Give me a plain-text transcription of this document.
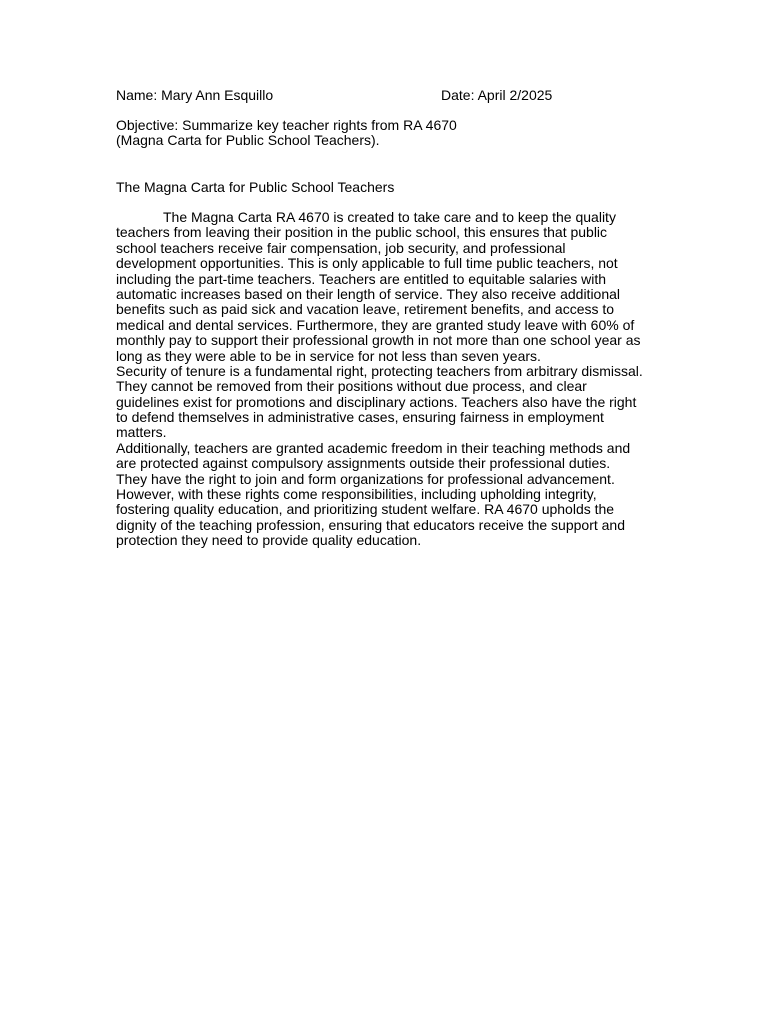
Name: Mary Ann Esquillo	Date: April 2/2025
Objective: Summarize key teacher rights from RA 4670
(Magna Carta for Public School Teachers).
The Magna Carta for Public School Teachers
The Magna Carta RA 4670 is created to take care and to keep the quality
teachers from leaving their position in the public school, this ensures that public
school teachers receive fair compensation, job security, and professional
development opportunities. This is only applicable to full time public teachers, not
including the part-time teachers. Teachers are entitled to equitable salaries with
automatic increases based on their length of service. They also receive additional
benefits such as paid sick and vacation leave, retirement benefits, and access to
medical and dental services. Furthermore, they are granted study leave with 60% of
monthly pay to support their professional growth in not more than one school year as
long as they were able to be in service for not less than seven years.
Security of tenure is a fundamental right, protecting teachers from arbitrary dismissal.
They cannot be removed from their positions without due process, and clear
guidelines exist for promotions and disciplinary actions. Teachers also have the right
to defend themselves in administrative cases, ensuring fairness in employment
matters.
Additionally, teachers are granted academic freedom in their teaching methods and
are protected against compulsory assignments outside their professional duties.
They have the right to join and form organizations for professional advancement.
However, with these rights come responsibilities, including upholding integrity,
fostering quality education, and prioritizing student welfare. RA 4670 upholds the
dignity of the teaching profession, ensuring that educators receive the support and
protection they need to provide quality education.
